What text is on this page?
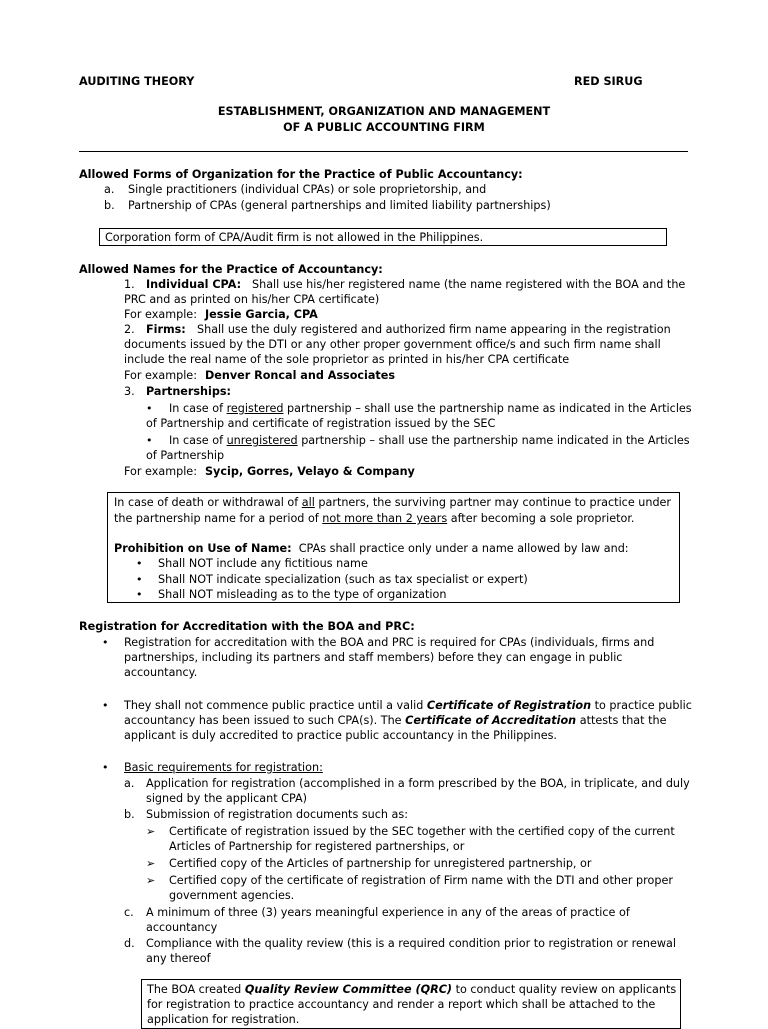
AUDITING THEORY	RED SIRUG
ESTABLISHMENT, ORGANIZATION AND MANAGEMENT
OF A PUBLIC ACCOUNTING FIRM
Allowed Forms of Organization for the Practice of Public Accountancy:
a. Single practitioners (individual CPAs) or sole proprietorship, and
b. Partnership of CPAs (general partnerships and limited liability partnerships)
Corporation form of CPA/Audit firm is not allowed in the Philippines.
Allowed Names for the Practice of Accountancy:
1. Individual CPA: Shall use his/her registered name (the name registered with the BOA and the
PRC and as printed on his/her CPA certificate)
For example: Jessie Garcia, CPA
2. Firms: Shall use the duly registered and authorized firm name appearing in the registration
documents issued by the DTI or any other proper government office/s and such firm name shall
include the real name of the sole proprietor as printed in his/her CPA certificate
For example: Denver Roncal and Associates
3. Partnerships:
• In case of registered partnership – shall use the partnership name as indicated in the Articles
of Partnership and certificate of registration issued by the SEC
• In case of unregistered partnership – shall use the partnership name indicated in the Articles
of Partnership
For example: Sycip, Gorres, Velayo & Company
In case of death or withdrawal of all partners, the surviving partner may continue to practice under
the partnership name for a period of not more than 2 years after becoming a sole proprietor.
Prohibition on Use of Name: CPAs shall practice only under a name allowed by law and:
• Shall NOT include any fictitious name
• Shall NOT indicate specialization (such as tax specialist or expert)
• Shall NOT misleading as to the type of organization
Registration for Accreditation with the BOA and PRC:
• Registration for accreditation with the BOA and PRC is required for CPAs (individuals, firms and
partnerships, including its partners and staff members) before they can engage in public
accountancy.
• They shall not commence public practice until a valid Certificate of Registration to practice public
accountancy has been issued to such CPA(s). The Certificate of Accreditation attests that the
applicant is duly accredited to practice public accountancy in the Philippines.
• Basic requirements for registration:
a. Application for registration (accomplished in a form prescribed by the BOA, in triplicate, and duly
signed by the applicant CPA)
b. Submission of registration documents such as:
➢ Certificate of registration issued by the SEC together with the certified copy of the current
Articles of Partnership for registered partnerships, or
➢ Certified copy of the Articles of partnership for unregistered partnership, or
➢ Certified copy of the certificate of registration of Firm name with the DTI and other proper
government agencies.
c. A minimum of three (3) years meaningful experience in any of the areas of practice of
accountancy
d. Compliance with the quality review (this is a required condition prior to registration or renewal
any thereof
The BOA created Quality Review Committee (QRC) to conduct quality review on applicants
for registration to practice accountancy and render a report which shall be attached to the
application for registration.
